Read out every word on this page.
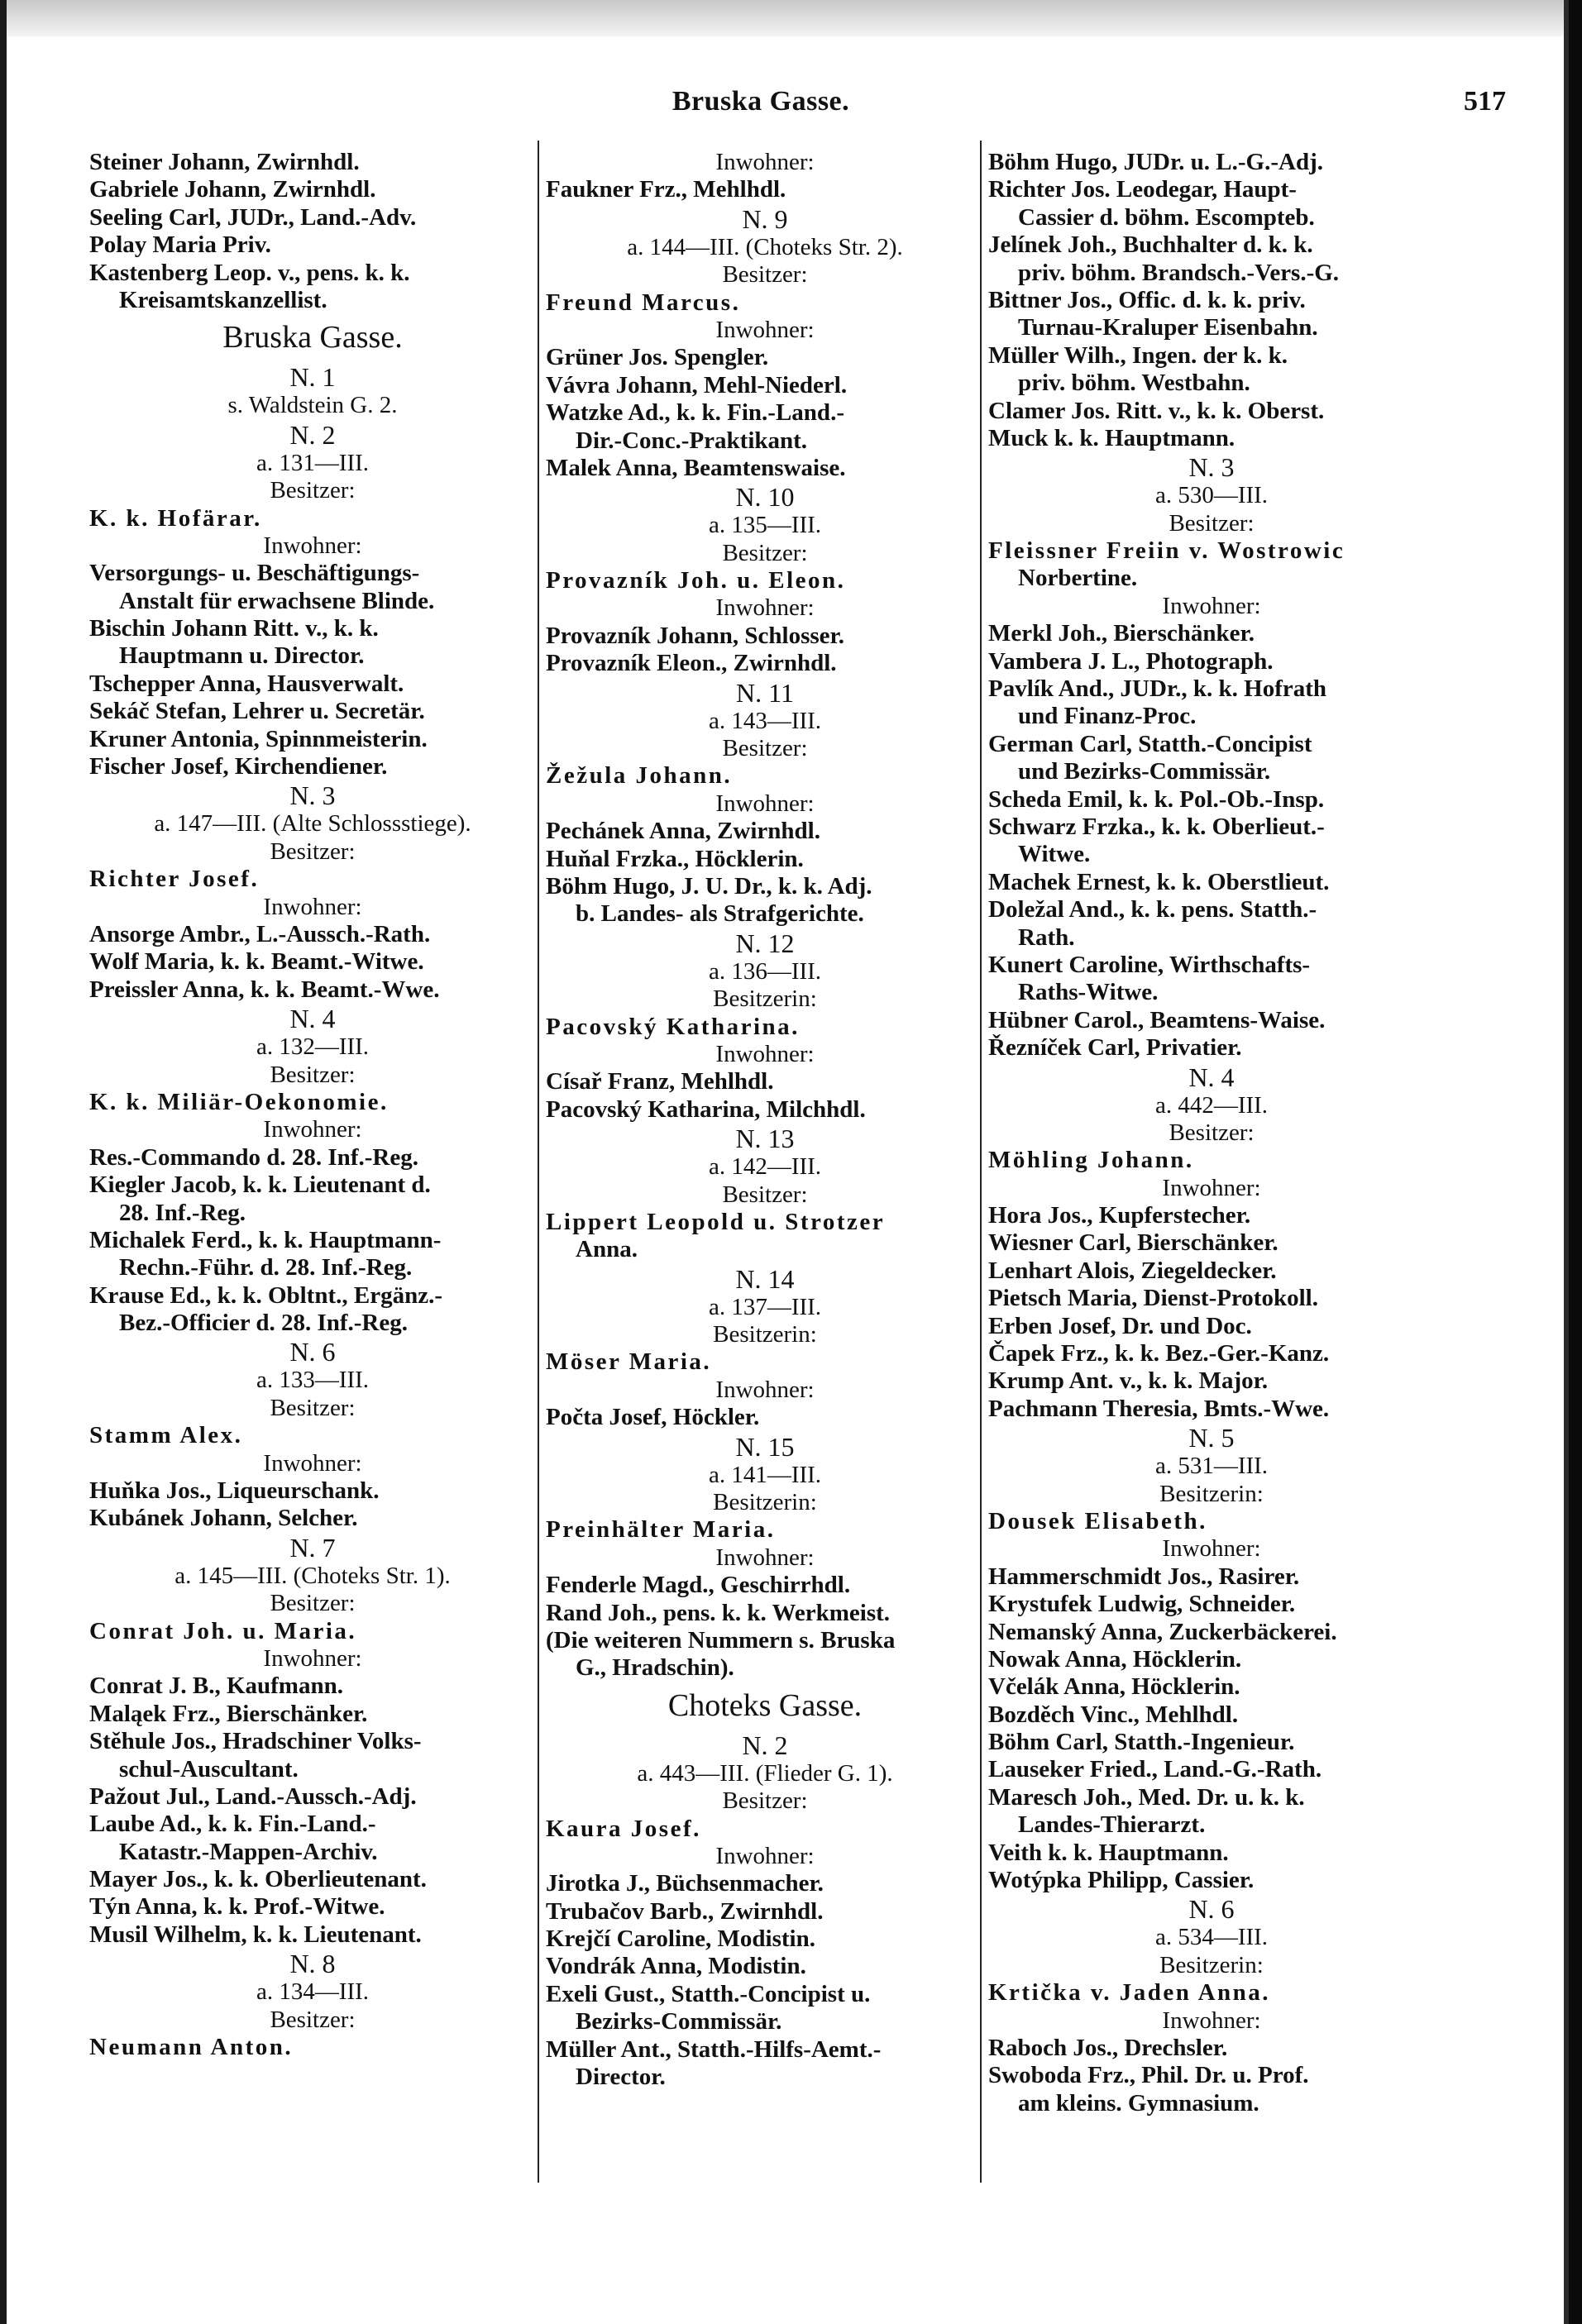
Bruska Gasse.	517
Steiner Johann, Zwirnhdl.
Gabriele Johann, Zwirnhdl.
Seeling Carl, JUDr., Land.-Adv.
Polay Maria Priv.
Kastenberg Leop. v., pens. k. k.
Kreisamtskanzellist.
Bruska Gasse.
N. 1
s. Waldstein G. 2.
N. 2
a. 131—III.
Besitzer:
K. k. Hofärar.
Inwohner:
Versorgungs- u. Beschäftigungs-
Anstalt für erwachsene Blinde.
Bischin Johann Ritt. v., k. k.
Hauptmann u. Director.
Tschepper Anna, Hausverwalt.
Sekáč Stefan, Lehrer u. Secretär.
Kruner Antonia, Spinnmeisterin.
Fischer Josef, Kirchendiener.
N. 3
a. 147—III. (Alte Schlossstiege).
Besitzer:
Richter Josef.
Inwohner:
Ansorge Ambr., L.-Aussch.-Rath.
Wolf Maria, k. k. Beamt.-Witwe.
Preissler Anna, k. k. Beamt.-Wwe.
N. 4
a. 132—III.
Besitzer:
K. k. Miliär-Oekonomie.
Inwohner:
Res.-Commando d. 28. Inf.-Reg.
Kiegler Jacob, k. k. Lieutenant d.
28. Inf.-Reg.
Michalek Ferd., k. k. Hauptmann-
Rechn.-Führ. d. 28. Inf.-Reg.
Krause Ed., k. k. Obltnt., Ergänz.-
Bez.-Officier d. 28. Inf.-Reg.
N. 6
a. 133—III.
Besitzer:
Stamm Alex.
Inwohner:
Huňka Jos., Liqueurschank.
Kubánek Johann, Selcher.
N. 7
a. 145—III. (Choteks Str. 1).
Besitzer:
Conrat Joh. u. Maria.
Inwohner:
Conrat J. B., Kaufmann.
Maląek Frz., Bierschänker.
Stěhule Jos., Hradschiner Volks-
schul-Auscultant.
Pažout Jul., Land.-Aussch.-Adj.
Laube Ad., k. k. Fin.-Land.-
Katastr.-Mappen-Archiv.
Mayer Jos., k. k. Oberlieutenant.
Týn Anna, k. k. Prof.-Witwe.
Musil Wilhelm, k. k. Lieutenant.
N. 8
a. 134—III.
Besitzer:
Neumann Anton.
Inwohner:
Faukner Frz., Mehlhdl.
N. 9
a. 144—III. (Choteks Str. 2).
Besitzer:
Freund Marcus.
Inwohner:
Grüner Jos. Spengler.
Vávra Johann, Mehl-Niederl.
Watzke Ad., k. k. Fin.-Land.-
Dir.-Conc.-Praktikant.
Malek Anna, Beamtenswaise.
N. 10
a. 135—III.
Besitzer:
Provazník Joh. u. Eleon.
Inwohner:
Provazník Johann, Schlosser.
Provazník Eleon., Zwirnhdl.
N. 11
a. 143—III.
Besitzer:
Žežula Johann.
Inwohner:
Pechánek Anna, Zwirnhdl.
Huňal Frzka., Höcklerin.
Böhm Hugo, J. U. Dr., k. k. Adj.
b. Landes- als Strafgerichte.
N. 12
a. 136—III.
Besitzerin:
Pacovský Katharina.
Inwohner:
Císař Franz, Mehlhdl.
Pacovský Katharina, Milchhdl.
N. 13
a. 142—III.
Besitzer:
Lippert Leopold u. Strotzer
Anna.
N. 14
a. 137—III.
Besitzerin:
Möser Maria.
Inwohner:
Počta Josef, Höckler.
N. 15
a. 141—III.
Besitzerin:
Preinhälter Maria.
Inwohner:
Fenderle Magd., Geschirrhdl.
Rand Joh., pens. k. k. Werkmeist.
(Die weiteren Nummern s. Bruska
G., Hradschin).
Choteks Gasse.
N. 2
a. 443—III. (Flieder G. 1).
Besitzer:
Kaura Josef.
Inwohner:
Jirotka J., Büchsenmacher.
Trubačov Barb., Zwirnhdl.
Krejčí Caroline, Modistin.
Vondrák Anna, Modistin.
Exeli Gust., Statth.-Concipist u.
Bezirks-Commissär.
Müller Ant., Statth.-Hilfs-Aemt.-
Director.
Böhm Hugo, JUDr. u. L.-G.-Adj.
Richter Jos. Leodegar, Haupt-
Cassier d. böhm. Escompteb.
Jelínek Joh., Buchhalter d. k. k.
priv. böhm. Brandsch.-Vers.-G.
Bittner Jos., Offic. d. k. k. priv.
Turnau-Kraluper Eisenbahn.
Müller Wilh., Ingen. der k. k.
priv. böhm. Westbahn.
Clamer Jos. Ritt. v., k. k. Oberst.
Muck k. k. Hauptmann.
N. 3
a. 530—III.
Besitzer:
Fleissner Freiin v. Wostrowic
Norbertine.
Inwohner:
Merkl Joh., Bierschänker.
Vambera J. L., Photograph.
Pavlík And., JUDr., k. k. Hofrath
und Finanz-Proc.
German Carl, Statth.-Concipist
und Bezirks-Commissär.
Scheda Emil, k. k. Pol.-Ob.-Insp.
Schwarz Frzka., k. k. Oberlieut.-
Witwe.
Machek Ernest, k. k. Oberstlieut.
Doležal And., k. k. pens. Statth.-
Rath.
Kunert Caroline, Wirthschafts-
Raths-Witwe.
Hübner Carol., Beamtens-Waise.
Řezníček Carl, Privatier.
N. 4
a. 442—III.
Besitzer:
Möhling Johann.
Inwohner:
Hora Jos., Kupferstecher.
Wiesner Carl, Bierschänker.
Lenhart Alois, Ziegeldecker.
Pietsch Maria, Dienst-Protokoll.
Erben Josef, Dr. und Doc.
Čapek Frz., k. k. Bez.-Ger.-Kanz.
Krump Ant. v., k. k. Major.
Pachmann Theresia, Bmts.-Wwe.
N. 5
a. 531—III.
Besitzerin:
Dousek Elisabeth.
Inwohner:
Hammerschmidt Jos., Rasirer.
Krystufek Ludwig, Schneider.
Nemanský Anna, Zuckerbäckerei.
Nowak Anna, Höcklerin.
Včelák Anna, Höcklerin.
Bozděch Vinc., Mehlhdl.
Böhm Carl, Statth.-Ingenieur.
Lauseker Fried., Land.-G.-Rath.
Maresch Joh., Med. Dr. u. k. k.
Landes-Thierarzt.
Veith k. k. Hauptmann.
Wotýpka Philipp, Cassier.
N. 6
a. 534—III.
Besitzerin:
Krtička v. Jaden Anna.
Inwohner:
Raboch Jos., Drechsler.
Swoboda Frz., Phil. Dr. u. Prof.
am kleins. Gymnasium.
